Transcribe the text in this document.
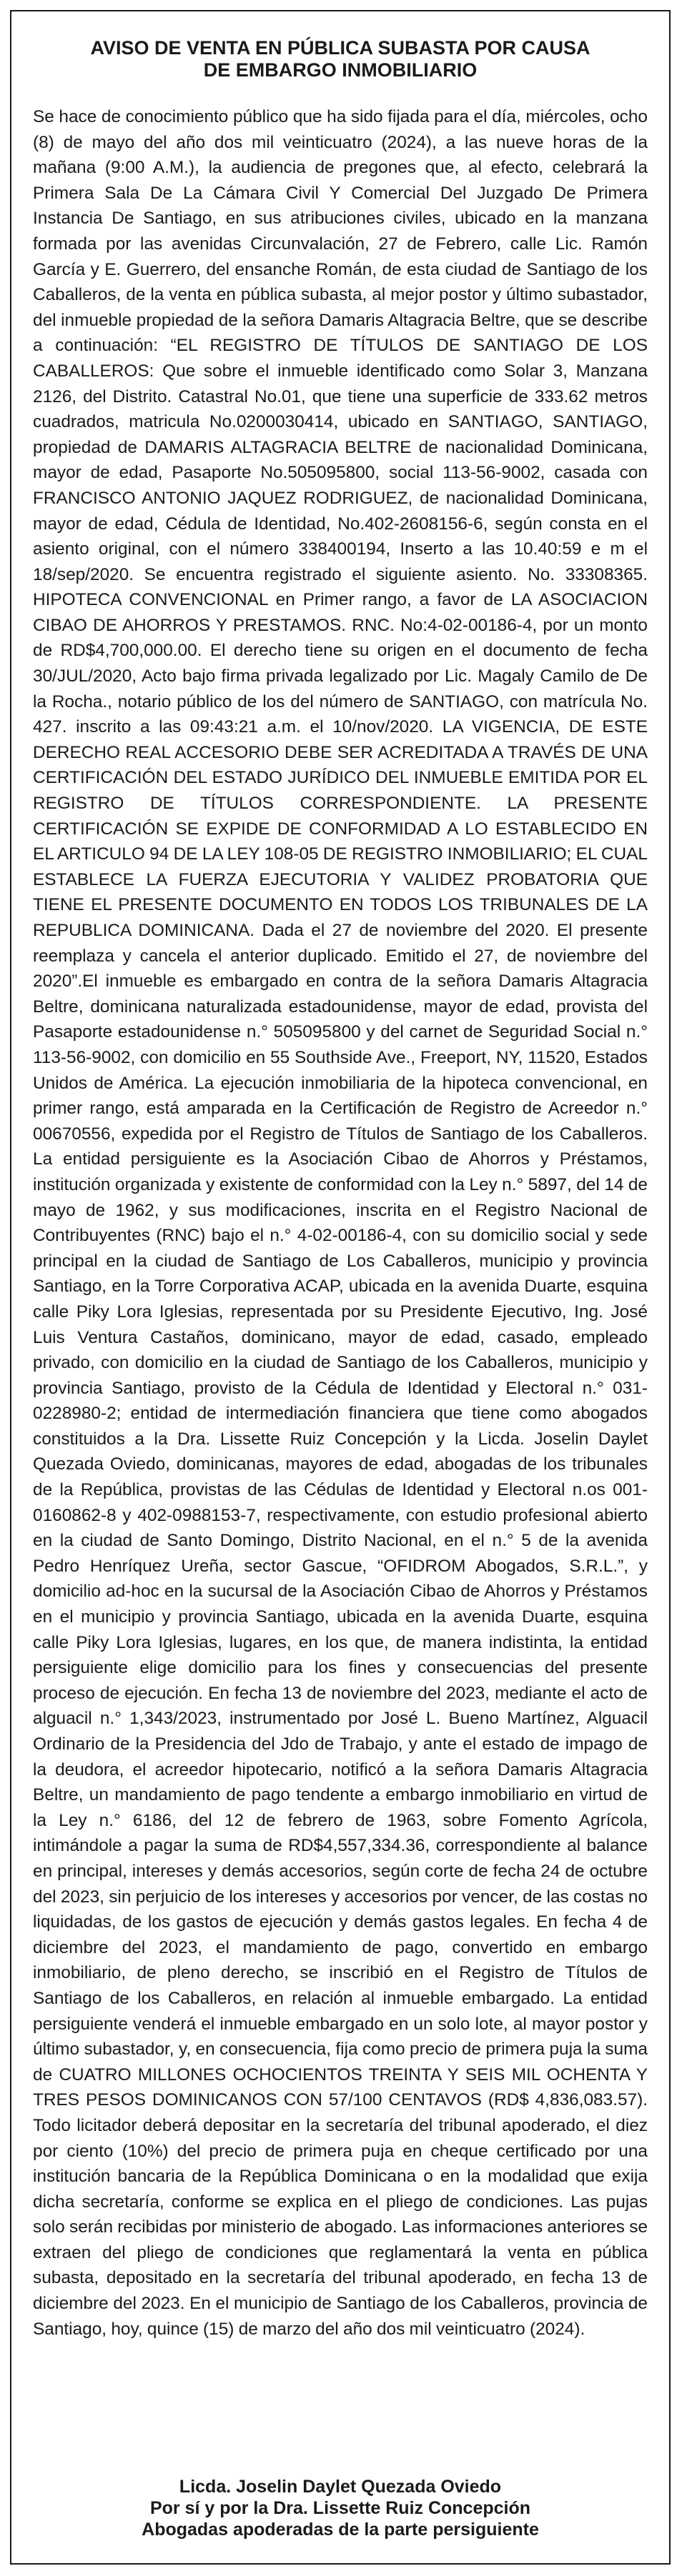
AVISO DE VENTA EN PÚBLICA SUBASTA POR CAUSA
DE EMBARGO INMOBILIARIO

Se hace de conocimiento público que ha sido fijada para el día, miércoles, ocho (8) de mayo del año dos mil veinticuatro (2024), a las nueve horas de la mañana (9:00 A.M.), la audiencia de pregones que, al efecto, celebrará la Primera Sala De La Cámara Civil Y Comercial Del Juzgado De Primera Instancia De Santiago, en sus atribuciones civiles, ubicado en la manzana formada por las avenidas Circunvalación, 27 de Febrero, calle Lic. Ramón García y E. Guerrero, del ensanche Román, de esta ciudad de Santiago de los Caballeros, de la venta en pública subasta, al mejor postor y último subastador, del inmueble propiedad de la señora Damaris Altagracia Beltre, que se describe a continuación: “EL REGISTRO DE TÍTULOS DE SANTIAGO DE LOS CABALLEROS: Que sobre el inmueble identificado como Solar 3, Manzana 2126, del Distrito. Catastral No.01, que tiene una superficie de 333.62 metros cuadrados, matricula No.0200030414, ubicado en SANTIAGO, SANTIAGO, propiedad de DAMARIS ALTAGRACIA BELTRE de nacionalidad Dominicana, mayor de edad, Pasaporte No.505095800, social 113-56-9002, casada con FRANCISCO ANTONIO JAQUEZ RODRIGUEZ, de nacionalidad Dominicana, mayor de edad, Cédula de Identidad, No.402-2608156-6, según consta en el asiento original, con el número 338400194, Inserto a las 10.40:59 e m el 18/sep/2020. Se encuentra registrado el siguiente asiento. No. 33308365. HIPOTECA CONVENCIONAL en Primer rango, a favor de LA ASOCIACION CIBAO DE AHORROS Y PRESTAMOS. RNC. No:4-02-00186-4, por un monto de RD$4,700,000.00. El derecho tiene su origen en el documento de fecha 30/JUL/2020, Acto bajo firma privada legalizado por Lic. Magaly Camilo de De la Rocha., notario público de los del número de SANTIAGO, con matrícula No. 427. inscrito a las 09:43:21 a.m. el 10/nov/2020. LA VIGENCIA, DE ESTE DERECHO REAL ACCESORIO DEBE SER ACREDITADA A TRAVÉS DE UNA CERTIFICACIÓN DEL ESTADO JURÍDICO DEL INMUEBLE EMITIDA POR EL REGISTRO DE TÍTULOS CORRESPONDIENTE. LA PRESENTE CERTIFICACIÓN SE EXPIDE DE CONFORMIDAD A LO ESTABLECIDO EN EL ARTICULO 94 DE LA LEY 108-05 DE REGISTRO INMOBILIARIO; EL CUAL ESTABLECE LA FUERZA EJECUTORIA Y VALIDEZ PROBATORIA QUE TIENE EL PRESENTE DOCUMENTO EN TODOS LOS TRIBUNALES DE LA REPUBLICA DOMINICANA. Dada el 27 de noviembre del 2020. El presente reemplaza y cancela el anterior duplicado. Emitido el 27, de noviembre del 2020”.El inmueble es embargado en contra de la señora Damaris Altagracia Beltre, dominicana naturalizada estadounidense, mayor de edad, provista del Pasaporte estadounidense n.° 505095800 y del carnet de Seguridad Social n.° 113-56-9002, con domicilio en 55 Southside Ave., Freeport, NY, 11520, Estados Unidos de América. La ejecución inmobiliaria de la hipoteca convencional, en primer rango, está amparada en la Certificación de Registro de Acreedor n.° 00670556, expedida por el Registro de Títulos de Santiago de los Caballeros. La entidad persiguiente es la Asociación Cibao de Ahorros y Préstamos, institución organizada y existente de conformidad con la Ley n.° 5897, del 14 de mayo de 1962, y sus modificaciones, inscrita en el Registro Nacional de Contribuyentes (RNC) bajo el n.° 4-02-00186-4, con su domicilio social y sede principal en la ciudad de Santiago de Los Caballeros, municipio y provincia Santiago, en la Torre Corporativa ACAP, ubicada en la avenida Duarte, esquina calle Piky Lora Iglesias, representada por su Presidente Ejecutivo, Ing. José Luis Ventura Castaños, dominicano, mayor de edad, casado, empleado privado, con domicilio en la ciudad de Santiago de los Caballeros, municipio y provincia Santiago, provisto de la Cédula de Identidad y Electoral n.° 031-0228980-2; entidad de intermediación financiera que tiene como abogados constituidos a la Dra. Lissette Ruiz Concepción y la Licda. Joselin Daylet Quezada Oviedo, dominicanas, mayores de edad, abogadas de los tribunales de la República, provistas de las Cédulas de Identidad y Electoral n.os 001-0160862-8 y 402-0988153-7, respectivamente, con estudio profesional abierto en la ciudad de Santo Domingo, Distrito Nacional, en el n.° 5 de la avenida Pedro Henríquez Ureña, sector Gascue, “OFIDROM Abogados, S.R.L.”, y domicilio ad-hoc en la sucursal de la Asociación Cibao de Ahorros y Préstamos en el municipio y provincia Santiago, ubicada en la avenida Duarte, esquina calle Piky Lora Iglesias, lugares, en los que, de manera indistinta, la entidad persiguiente elige domicilio para los fines y consecuencias del presente proceso de ejecución. En fecha 13 de noviembre del 2023, mediante el acto de alguacil n.° 1,343/2023, instrumentado por José L. Bueno Martínez, Alguacil Ordinario de la Presidencia del Jdo de Trabajo, y ante el estado de impago de la deudora, el acreedor hipotecario, notificó a la señora Damaris Altagracia Beltre, un mandamiento de pago tendente a embargo inmobiliario en virtud de la Ley n.° 6186, del 12 de febrero de 1963, sobre Fomento Agrícola, intimándole a pagar la suma de RD$4,557,334.36, correspondiente al balance en principal, intereses y demás accesorios, según corte de fecha 24 de octubre del 2023, sin perjuicio de los intereses y accesorios por vencer, de las costas no liquidadas, de los gastos de ejecución y demás gastos legales. En fecha 4 de diciembre del 2023, el mandamiento de pago, convertido en embargo inmobiliario, de pleno derecho, se inscribió en el Registro de Títulos de Santiago de los Caballeros, en relación al inmueble embargado. La entidad persiguiente venderá el inmueble embargado en un solo lote, al mayor postor y último subastador, y, en consecuencia, fija como precio de primera puja la suma de CUATRO MILLONES OCHOCIENTOS TREINTA Y SEIS MIL OCHENTA Y TRES PESOS DOMINICANOS CON 57/100 CENTAVOS (RD$ 4,836,083.57). Todo licitador deberá depositar en la secretaría del tribunal apoderado, el diez por ciento (10%) del precio de primera puja en cheque certificado por una institución bancaria de la República Dominicana o en la modalidad que exija dicha secretaría, conforme se explica en el pliego de condiciones. Las pujas solo serán recibidas por ministerio de abogado. Las informaciones anteriores se extraen del pliego de condiciones que reglamentará la venta en pública subasta, depositado en la secretaría del tribunal apoderado, en fecha 13 de diciembre del 2023. En el municipio de Santiago de los Caballeros, provincia de Santiago, hoy, quince (15) de marzo del año dos mil veinticuatro (2024).

Licda. Joselin Daylet Quezada Oviedo
Por sí y por la Dra. Lissette Ruiz Concepción
Abogadas apoderadas de la parte persiguiente
